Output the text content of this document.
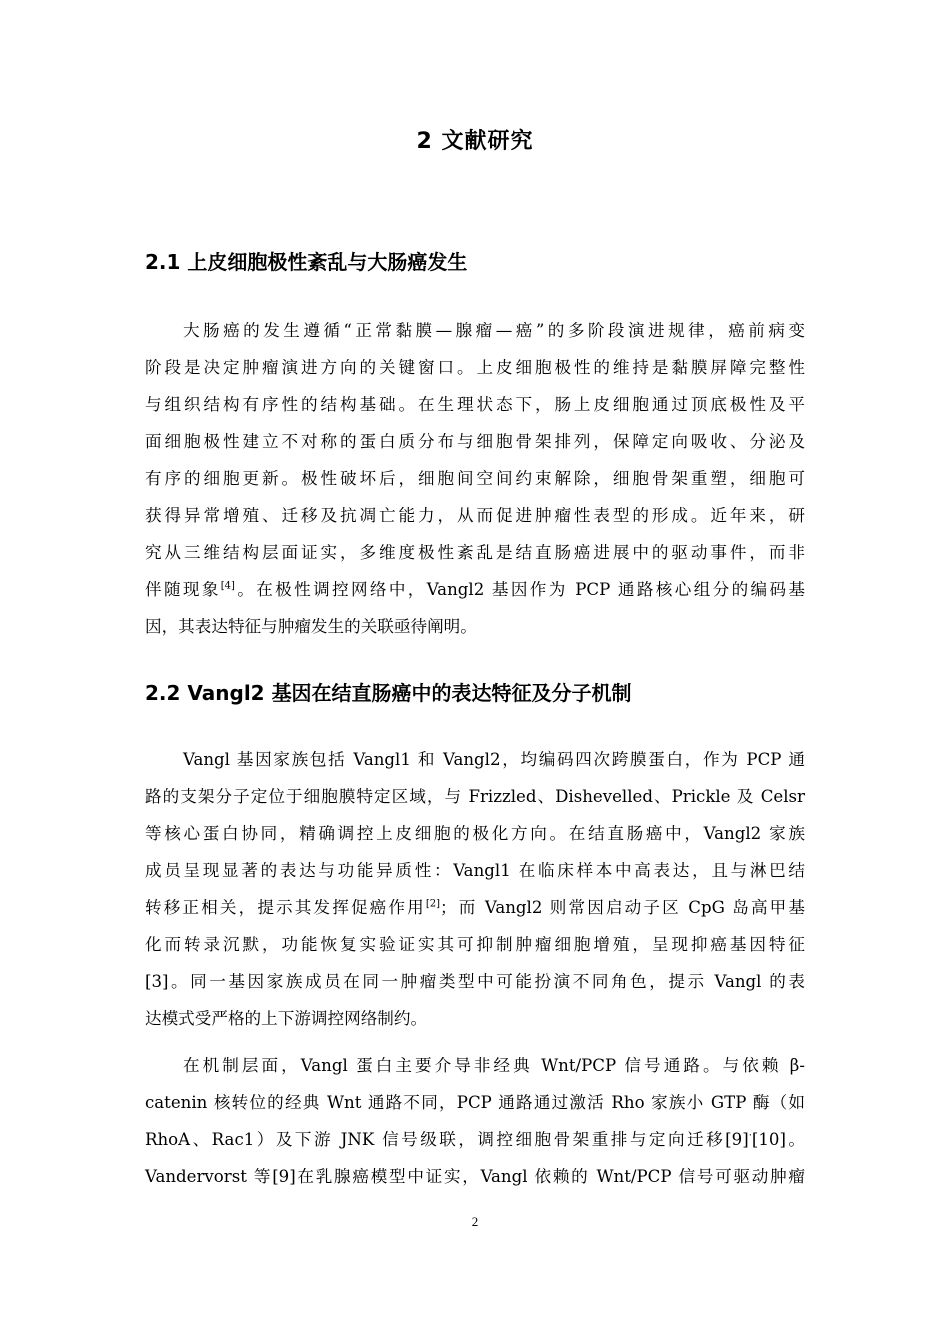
2 文献研究
2.1 上皮细胞极性紊乱与大肠癌发生
大肠癌的发生遵循“正常黏膜—腺瘤—癌”的多阶段演进规律，癌前病变
阶段是决定肿瘤演进方向的关键窗口。上皮细胞极性的维持是黏膜屏障完整性
与组织结构有序性的结构基础。在生理状态下，肠上皮细胞通过顶底极性及平
面细胞极性建立不对称的蛋白质分布与细胞骨架排列，保障定向吸收、分泌及
有序的细胞更新。极性破坏后，细胞间空间约束解除，细胞骨架重塑，细胞可
获得异常增殖、迁移及抗凋亡能力，从而促进肿瘤性表型的形成。近年来，研
究从三维结构层面证实，多维度极性紊乱是结直肠癌进展中的驱动事件，而非
伴随现象[4]。在极性调控网络中，Vangl2 基因作为 PCP 通路核心组分的编码基
因，其表达特征与肿瘤发生的关联亟待阐明。
2.2 Vangl2 基因在结直肠癌中的表达特征及分子机制
Vangl 基因家族包括 Vangl1 和 Vangl2，均编码四次跨膜蛋白，作为 PCP 通
路的支架分子定位于细胞膜特定区域，与 Frizzled、Dishevelled、Prickle 及 Celsr
等核心蛋白协同，精确调控上皮细胞的极化方向。在结直肠癌中，Vangl2 家族
成员呈现显著的表达与功能异质性：Vangl1 在临床样本中高表达，且与淋巴结
转移正相关，提示其发挥促癌作用[2]；而 Vangl2 则常因启动子区 CpG 岛高甲基
化而转录沉默，功能恢复实验证实其可抑制肿瘤细胞增殖，呈现抑癌基因特征
[3]。同一基因家族成员在同一肿瘤类型中可能扮演不同角色，提示 Vangl 的表
达模式受严格的上下游调控网络制约。
在机制层面，Vangl 蛋白主要介导非经典 Wnt/PCP 信号通路。与依赖 β-
catenin 核转位的经典 Wnt 通路不同，PCP 通路通过激活 Rho 家族小 GTP 酶（如
RhoA、Rac1）及下游 JNK 信号级联，调控细胞骨架重排与定向迁移[9]·[10]。
Vandervorst 等[9]在乳腺癌模型中证实，Vangl 依赖的 Wnt/PCP 信号可驱动肿瘤
2
